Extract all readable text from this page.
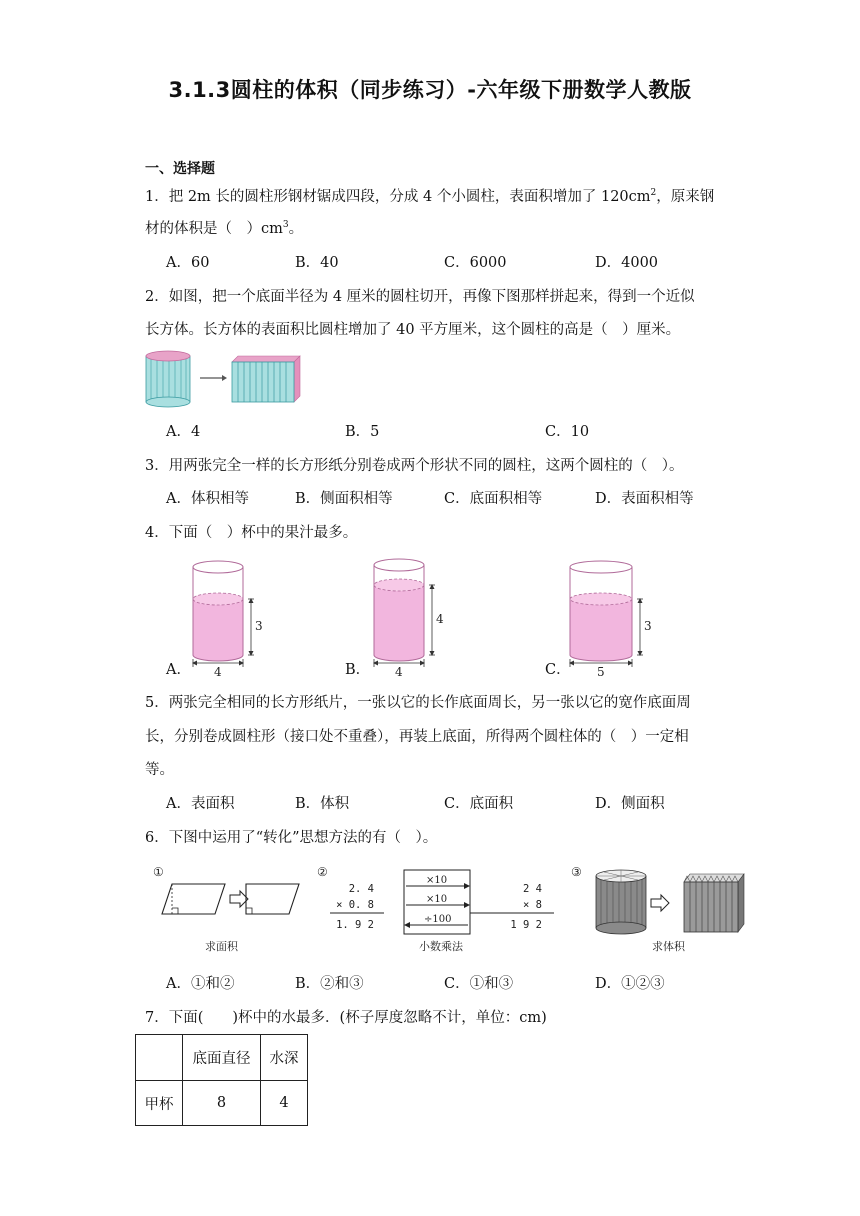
3.1.3圆柱的体积（同步练习）-六年级下册数学人教版
一、选择题
1．把 2m 长的圆柱形钢材锯成四段，分成 4 个小圆柱，表面积增加了 $120cm^2$，原来钢
材的体积是（　）$cm^3$。
A．60	B．40	C．6000	D．4000
2．如图，把一个底面半径为 4 厘米的圆柱切开，再像下图那样拼起来，得到一个近似
长方体。长方体的表面积比圆柱增加了 40 平方厘米，这个圆柱的高是（　）厘米。
A．4	B．5	C．10
3．用两张完全一样的长方形纸分别卷成两个形状不同的圆柱，这两个圆柱的（　）。
A．体积相等	B．侧面积相等	C．底面积相等	D．表面积相等
4．下面（　）杯中的果汁最多。
A．
3
4	B．
4
4	C．
3
5
5．两张完全相同的长方形纸片，一张以它的长作底面周长，另一张以它的宽作底面周
长，分别卷成圆柱形（接口处不重叠），再装上底面，所得两个圆柱体的（　）一定相
等。
A．表面积	B．体积	C．底面积	D．侧面积
6．下图中运用了“转化”思想方法的有（　）。
①
求面积
②
2. 4
× 0. 8
1. 9 2
×10
×10
÷100
2 4
× 8
1 9 2
小数乘法
③
求体积
A．①和②	B．②和③	C．①和③	D．①②③
7．下面(　　)杯中的水最多．(杯子厚度忽略不计，单位：cm)
	底面直径	水深
甲杯	8	4
